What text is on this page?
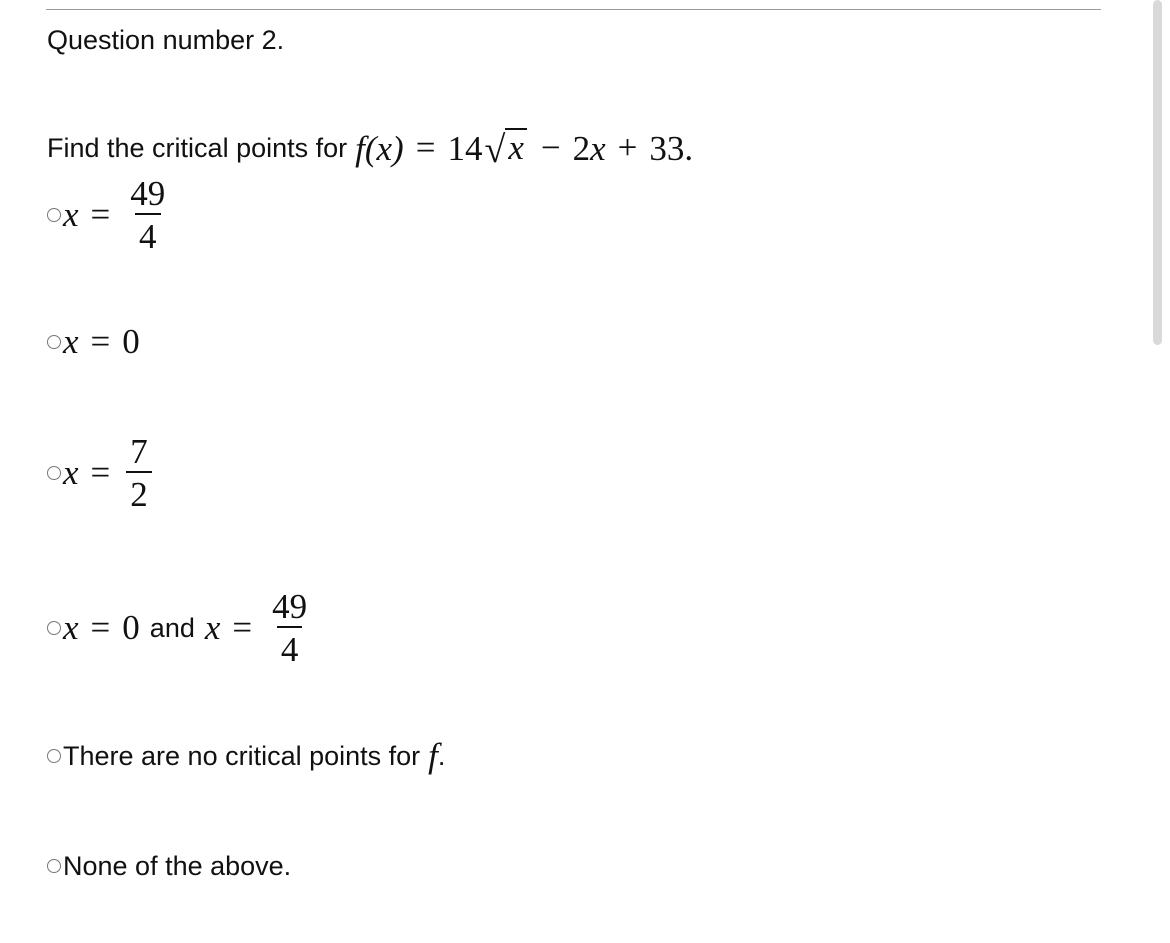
Question number 2.
Find the critical points for f(x) = 14 √ x − 2x + 33.
$x = \frac{49}{4}$
x = 0
$x = \frac{7}{2}$
x = 0 and $x = \frac{49}{4}$
There are no critical points for f .
None of the above.
